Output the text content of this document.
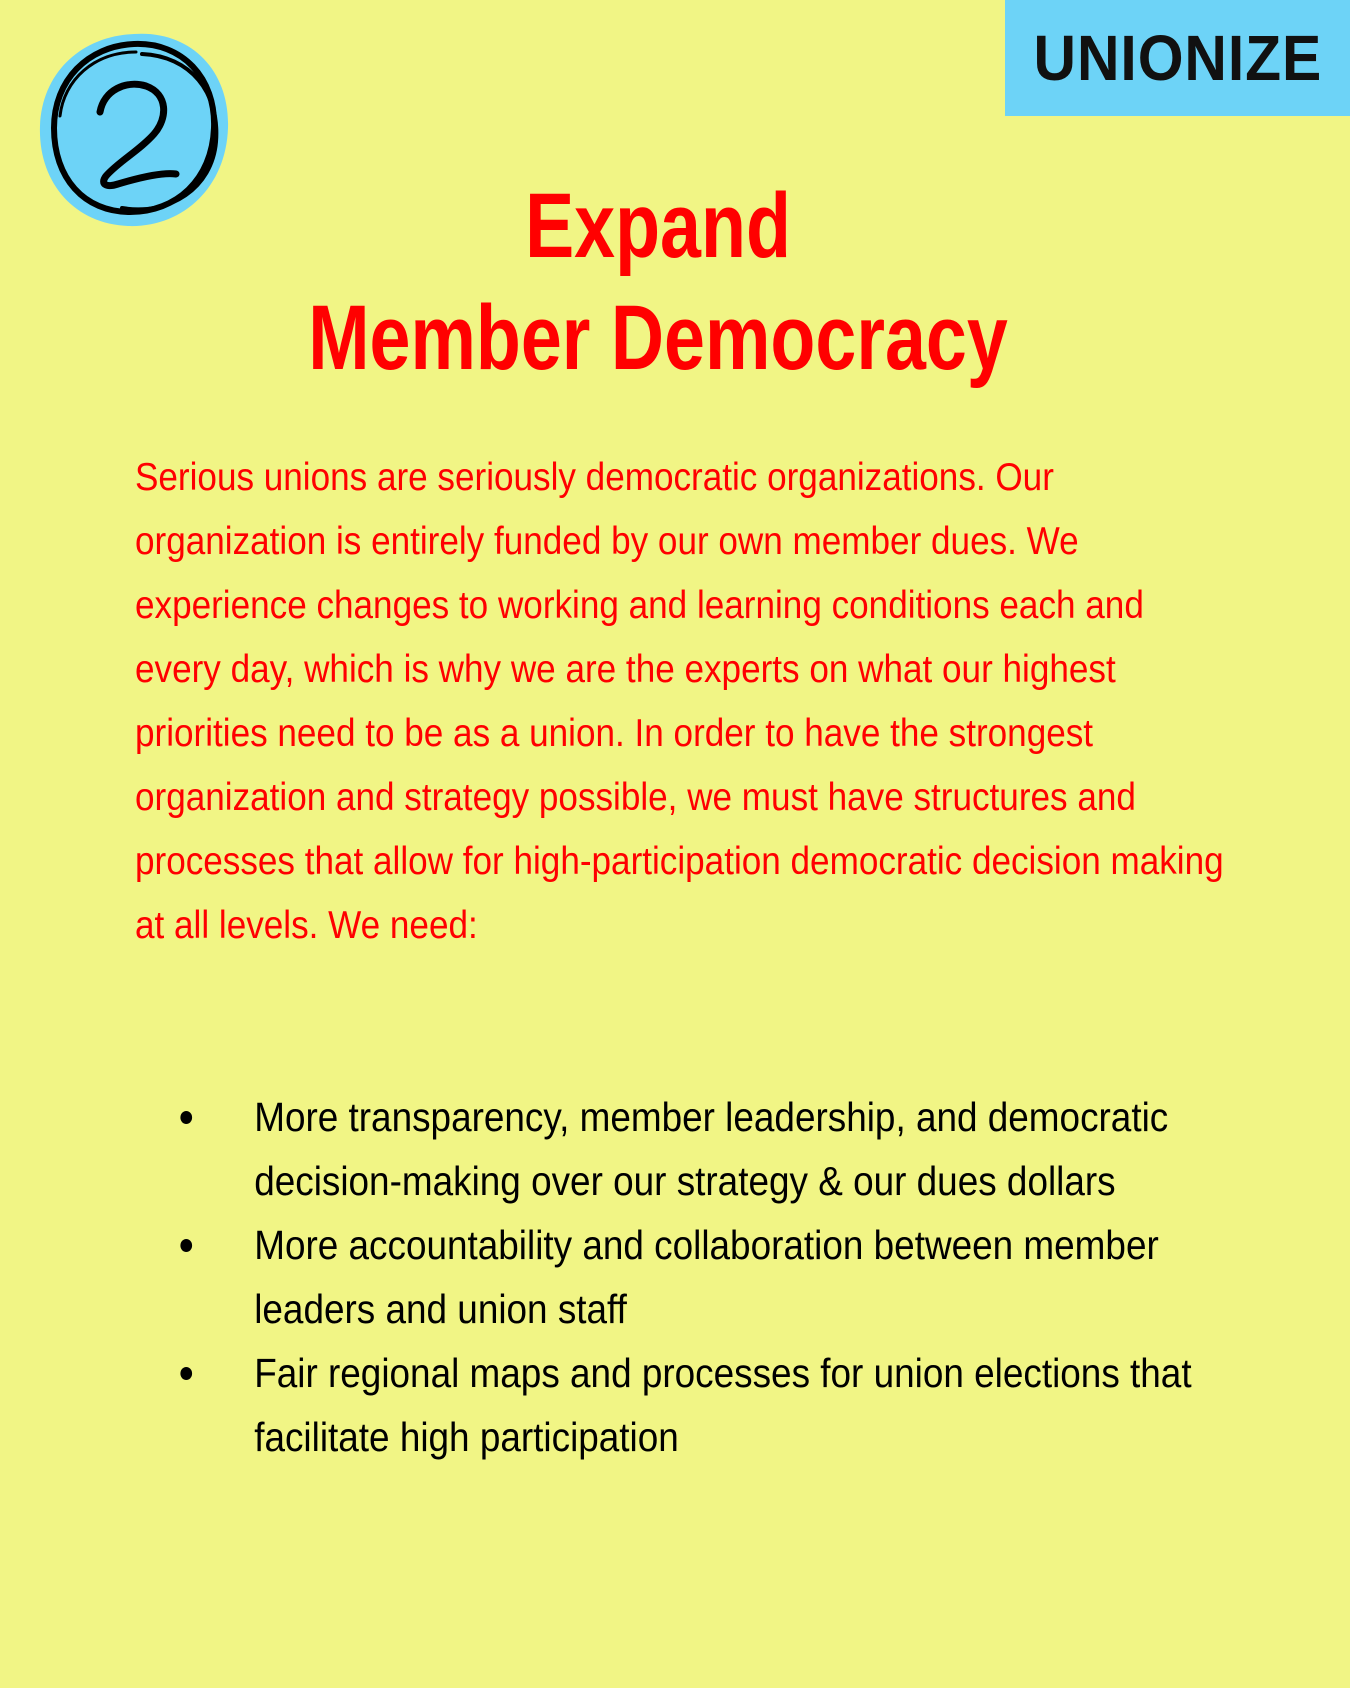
UNIONIZE
Expand
Member Democracy

Serious unions are seriously democratic organizations. Our organization is entirely funded by our own member dues. We experience changes to working and learning conditions each and every day, which is why we are the experts on what our highest priorities need to be as a union. In order to have the strongest organization and strategy possible, we must have structures and processes that allow for high-participation democratic decision making at all levels. We need:

More transparency, member leadership, and democratic decision-making over our strategy & our dues dollars
More accountability and collaboration between member leaders and union staff
Fair regional maps and processes for union elections that facilitate high participation
